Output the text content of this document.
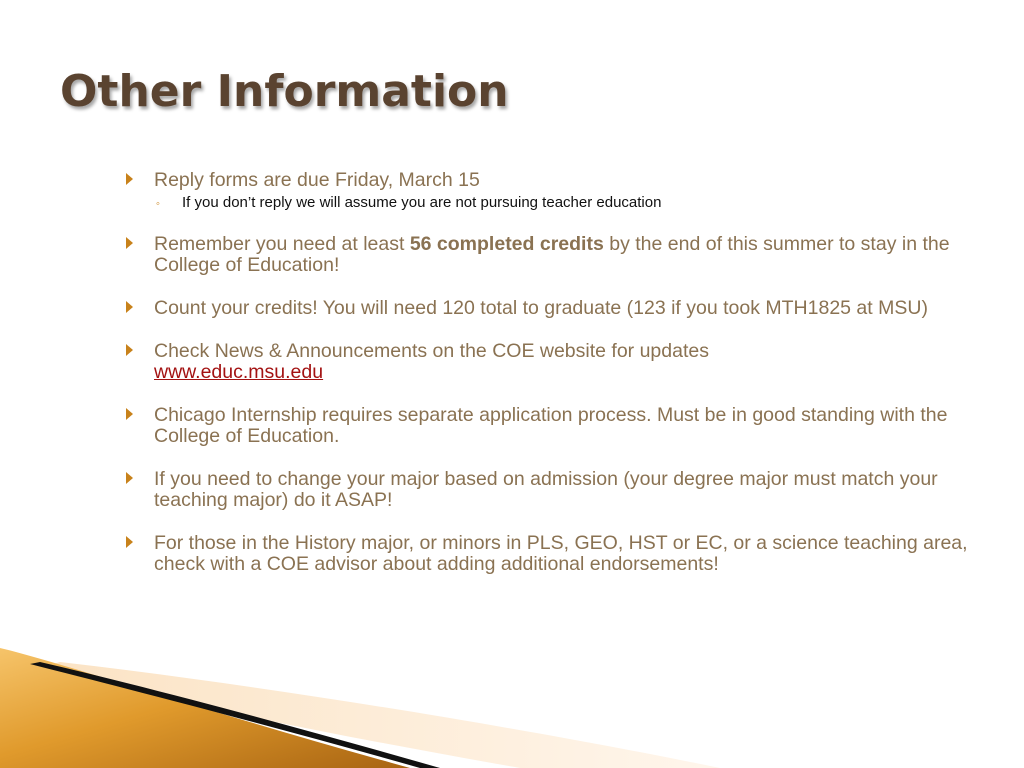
Other Information
Reply forms are due Friday, March 15
◦ If you don’t reply we will assume you are not pursuing teacher education
Remember you need at least 56 completed credits by the end of this summer to stay in the College of Education!
Count your credits! You will need 120 total to graduate (123 if you took MTH1825 at MSU)
Check News & Announcements on the COE website for updates
www.educ.msu.edu
Chicago Internship requires separate application process. Must be in good standing with the College of Education.
If you need to change your major based on admission (your degree major must match your teaching major) do it ASAP!
For those in the History major, or minors in PLS, GEO, HST or EC, or a science teaching area, check with a COE advisor about adding additional endorsements!
